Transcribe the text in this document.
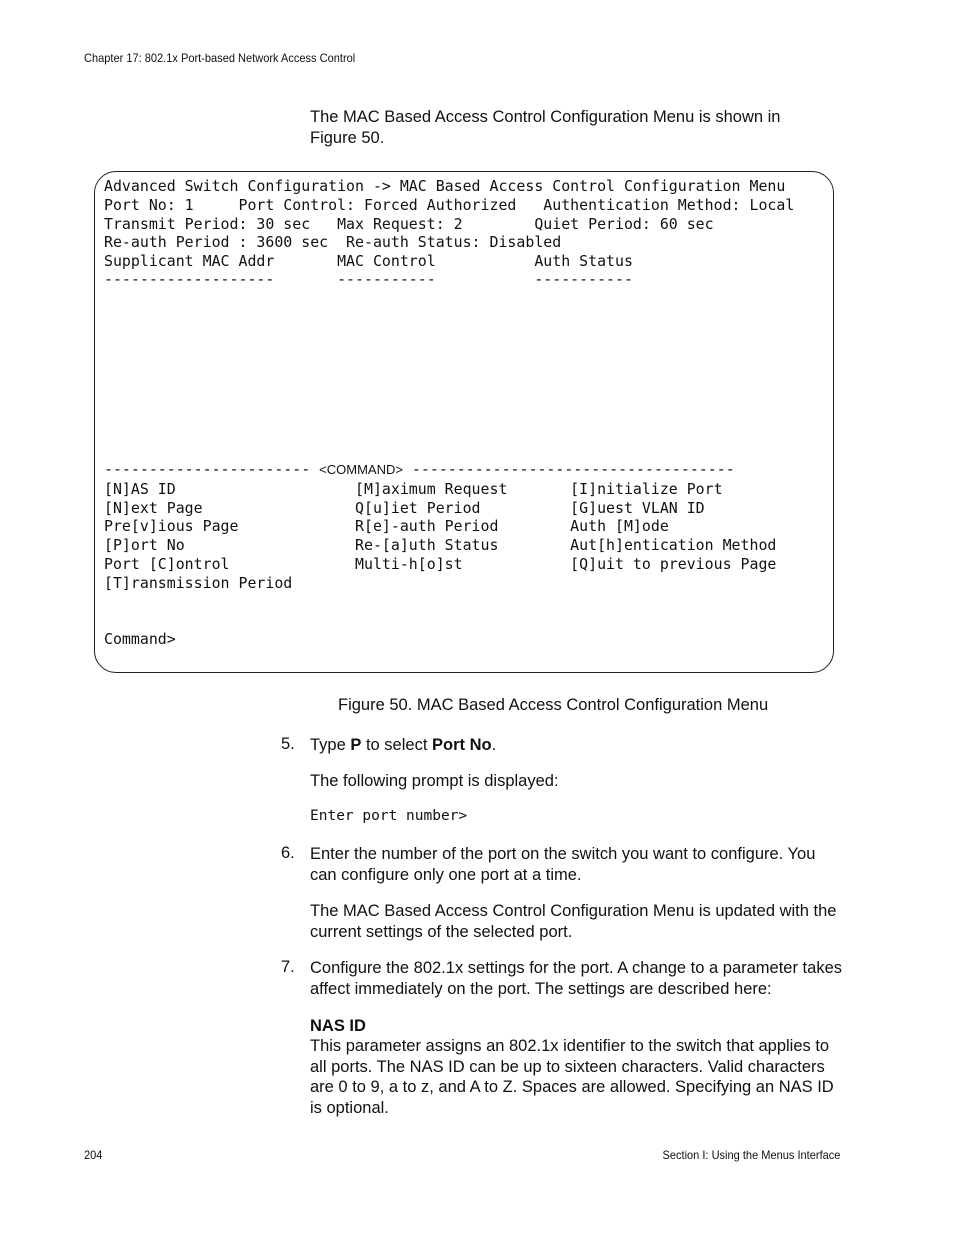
Chapter 17: 802.1x Port-based Network Access Control
The MAC Based Access Control Configuration Menu is shown in Figure 50.
Advanced Switch Configuration -> MAC Based Access Control Configuration Menu
Port No: 1     Port Control: Forced Authorized   Authentication Method: Local
Transmit Period: 30 sec   Max Request: 2        Quiet Period: 60 sec
Re-auth Period : 3600 sec  Re-auth Status: Disabled
Supplicant MAC Addr       MAC Control           Auth Status
-------------------       -----------           -----------
----------------------- <COMMAND> ------------------------------------
[N]AS ID                    [M]aximum Request       [I]nitialize Port
[N]ext Page                 Q[u]iet Period          [G]uest VLAN ID
Pre[v]ious Page             R[e]-auth Period        Auth [M]ode
[P]ort No                   Re-[a]uth Status        Aut[h]entication Method
Port [C]ontrol              Multi-h[o]st            [Q]uit to previous Page
[T]ransmission Period
Command>
Figure 50. MAC Based Access Control Configuration Menu
5. Type P to select Port No.
The following prompt is displayed:
Enter port number>
6. Enter the number of the port on the switch you want to configure. You can configure only one port at a time.
The MAC Based Access Control Configuration Menu is updated with the current settings of the selected port.
7. Configure the 802.1x settings for the port. A change to a parameter takes affect immediately on the port. The settings are described here:
NAS ID
This parameter assigns an 802.1x identifier to the switch that applies to all ports. The NAS ID can be up to sixteen characters. Valid characters are 0 to 9, a to z, and A to Z. Spaces are allowed. Specifying an NAS ID is optional.
204	Section I: Using the Menus Interface
